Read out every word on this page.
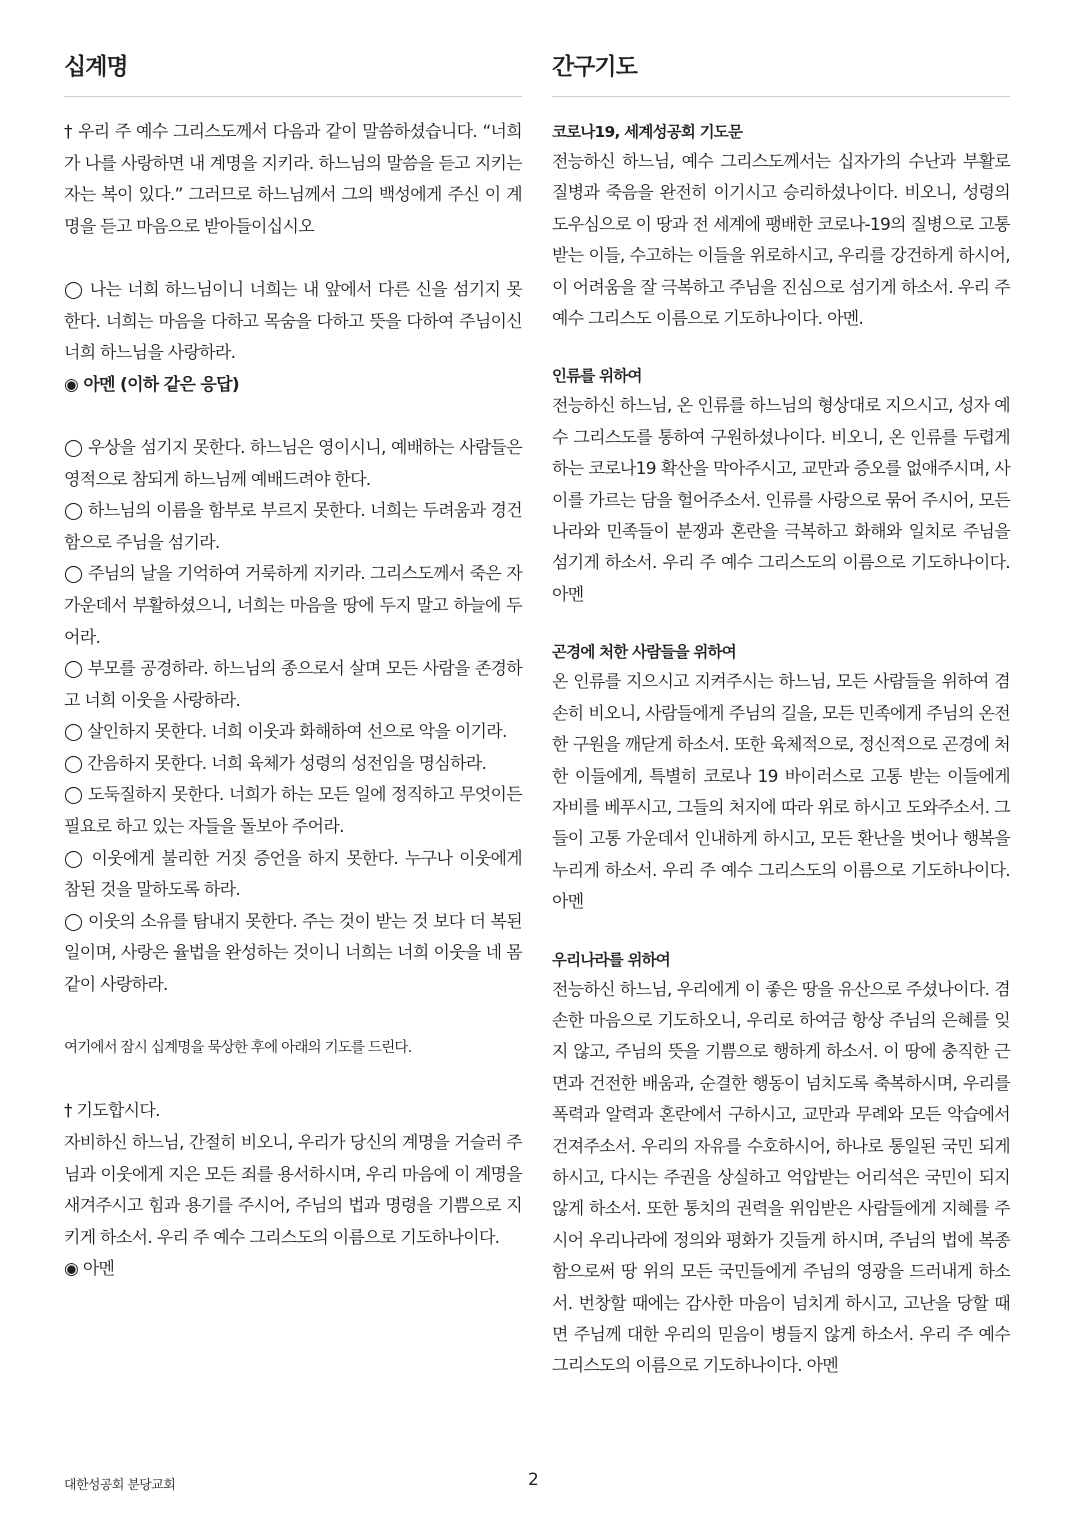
십계명

† 우리 주 예수 그리스도께서 다음과 같이 말씀하셨습니다. “너희가 나를 사랑하면 내 계명을 지키라. 하느님의 말씀을 듣고 지키는 자는 복이 있다.” 그러므로 하느님께서 그의 백성에게 주신 이 계명을 듣고 마음으로 받아들이십시오

◯ 나는 너희 하느님이니 너희는 내 앞에서 다른 신을 섬기지 못한다. 너희는 마음을 다하고 목숨을 다하고 뜻을 다하여 주님이신 너희 하느님을 사랑하라.

◉ 아멘 (이하 같은 응답)

◯ 우상을 섬기지 못한다. 하느님은 영이시니, 예배하는 사람들은 영적으로 참되게 하느님께 예배드려야 한다.

◯ 하느님의 이름을 함부로 부르지 못한다. 너희는 두려움과 경건함으로 주님을 섬기라.

◯ 주님의 날을 기억하여 거룩하게 지키라. 그리스도께서 죽은 자 가운데서 부활하셨으니, 너희는 마음을 땅에 두지 말고 하늘에 두어라.

◯ 부모를 공경하라. 하느님의 종으로서 살며 모든 사람을 존경하고 너희 이웃을 사랑하라.

◯ 살인하지 못한다. 너희 이웃과 화해하여 선으로 악을 이기라.

◯ 간음하지 못한다. 너희 육체가 성령의 성전임을 명심하라.

◯ 도둑질하지 못한다. 너희가 하는 모든 일에 정직하고 무엇이든 필요로 하고 있는 자들을 돌보아 주어라.

◯ 이웃에게 불리한 거짓 증언을 하지 못한다. 누구나 이웃에게 참된 것을 말하도록 하라.

◯ 이웃의 소유를 탐내지 못한다. 주는 것이 받는 것 보다 더 복된 일이며, 사랑은 율법을 완성하는 것이니 너희는 너희 이웃을 네 몸 같이 사랑하라.

여기에서 잠시 십계명을 묵상한 후에 아래의 기도를 드린다.

† 기도합시다.

자비하신 하느님, 간절히 비오니, 우리가 당신의 계명을 거슬러 주님과 이웃에게 지은 모든 죄를 용서하시며, 우리 마음에 이 계명을 새겨주시고 힘과 용기를 주시어, 주님의 법과 명령을 기쁨으로 지키게 하소서. 우리 주 예수 그리스도의 이름으로 기도하나이다.

◉ 아멘

간구기도

코로나19, 세계성공회 기도문

전능하신 하느님, 예수 그리스도께서는 십자가의 수난과 부활로 질병과 죽음을 완전히 이기시고 승리하셨나이다. 비오니, 성령의 도우심으로 이 땅과 전 세계에 팽배한 코로나-19의 질병으로 고통 받는 이들, 수고하는 이들을 위로하시고, 우리를 강건하게 하시어, 이 어려움을 잘 극복하고 주님을 진심으로 섬기게 하소서. 우리 주 예수 그리스도 이름으로 기도하나이다. 아멘.

인류를 위하여

전능하신 하느님, 온 인류를 하느님의 형상대로 지으시고, 성자 예수 그리스도를 통하여 구원하셨나이다. 비오니, 온 인류를 두렵게 하는 코로나19 확산을 막아주시고, 교만과 증오를 없애주시며, 사이를 가르는 담을 헐어주소서. 인류를 사랑으로 묶어 주시어, 모든 나라와 민족들이 분쟁과 혼란을 극복하고 화해와 일치로 주님을 섬기게 하소서. 우리 주 예수 그리스도의 이름으로 기도하나이다. 아멘

곤경에 처한 사람들을 위하여

온 인류를 지으시고 지켜주시는 하느님, 모든 사람들을 위하여 겸손히 비오니, 사람들에게 주님의 길을, 모든 민족에게 주님의 온전한 구원을 깨닫게 하소서. 또한 육체적으로, 정신적으로 곤경에 처한 이들에게, 특별히 코로나 19 바이러스로 고통 받는 이들에게 자비를 베푸시고, 그들의 처지에 따라 위로 하시고 도와주소서. 그들이 고통 가운데서 인내하게 하시고, 모든 환난을 벗어나 행복을 누리게 하소서. 우리 주 예수 그리스도의 이름으로 기도하나이다. 아멘

우리나라를 위하여

전능하신 하느님, 우리에게 이 좋은 땅을 유산으로 주셨나이다. 겸손한 마음으로 기도하오니, 우리로 하여금 항상 주님의 은혜를 잊지 않고, 주님의 뜻을 기쁨으로 행하게 하소서. 이 땅에 충직한 근면과 건전한 배움과, 순결한 행동이 넘치도록 축복하시며, 우리를 폭력과 알력과 혼란에서 구하시고, 교만과 무례와 모든 악습에서 건져주소서. 우리의 자유를 수호하시어, 하나로 통일된 국민 되게 하시고, 다시는 주권을 상실하고 억압받는 어리석은 국민이 되지 않게 하소서. 또한 통치의 권력을 위임받은 사람들에게 지혜를 주시어 우리나라에 정의와 평화가 깃들게 하시며, 주님의 법에 복종함으로써 땅 위의 모든 국민들에게 주님의 영광을 드러내게 하소서. 번창할 때에는 감사한 마음이 넘치게 하시고, 고난을 당할 때면 주님께 대한 우리의 믿음이 병들지 않게 하소서. 우리 주 예수 그리스도의 이름으로 기도하나이다. 아멘

대한성공회 분당교회	2
